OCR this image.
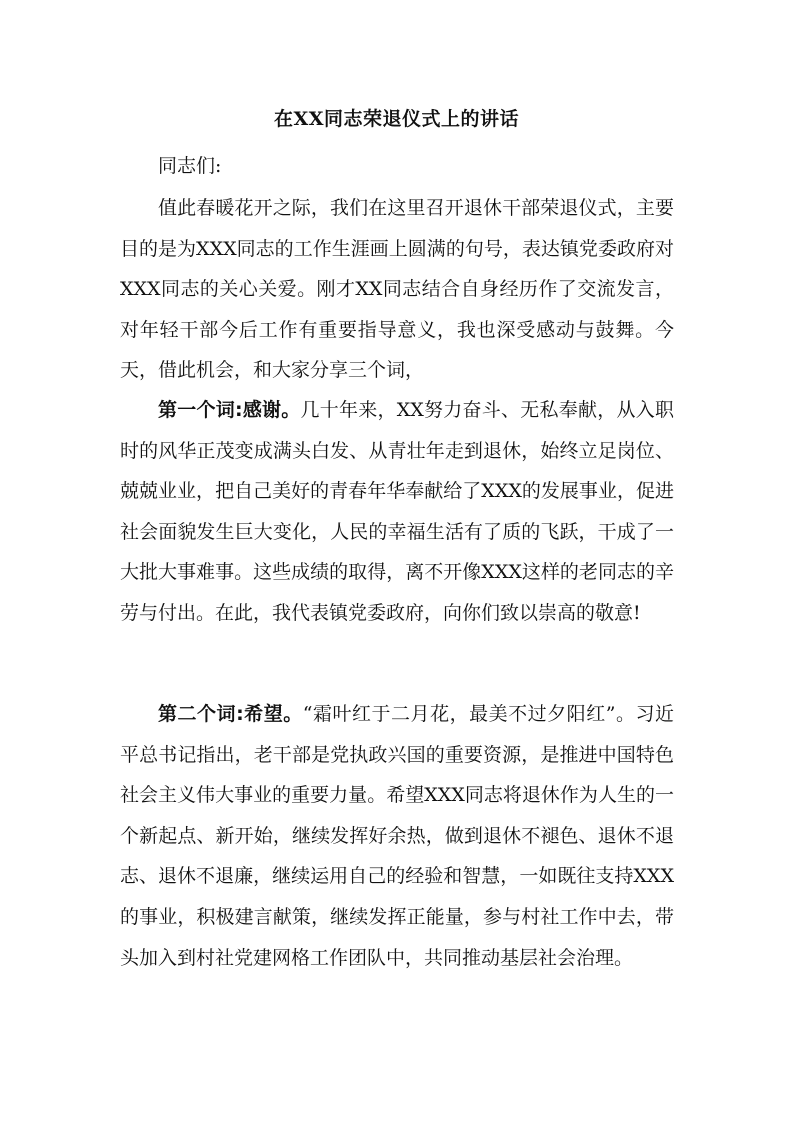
在XX同志荣退仪式上的讲话

同志们:

值此春暖花开之际，我们在这里召开退休干部荣退仪式，主要目的是为XXX同志的工作生涯画上圆满的句号，表达镇党委政府对XXX同志的关心关爱。刚才XX同志结合自身经历作了交流发言，对年轻干部今后工作有重要指导意义，我也深受感动与鼓舞。今天，借此机会，和大家分享三个词，

第一个词:感谢。几十年来，XX努力奋斗、无私奉献，从入职时的风华正茂变成满头白发、从青壮年走到退休，始终立足岗位、兢兢业业，把自己美好的青春年华奉献给了XXX的发展事业，促进社会面貌发生巨大变化，人民的幸福生活有了质的飞跃，干成了一大批大事难事。这些成绩的取得，离不开像XXX这样的老同志的辛劳与付出。在此，我代表镇党委政府，向你们致以崇高的敬意!

第二个词:希望。“霜叶红于二月花，最美不过夕阳红”。习近平总书记指出，老干部是党执政兴国的重要资源，是推进中国特色社会主义伟大事业的重要力量。希望XXX同志将退休作为人生的一个新起点、新开始，继续发挥好余热，做到退休不褪色、退休不退志、退休不退廉，继续运用自己的经验和智慧，一如既往支持XXX的事业，积极建言献策，继续发挥正能量，参与村社工作中去，带头加入到村社党建网格工作团队中，共同推动基层社会治理。
